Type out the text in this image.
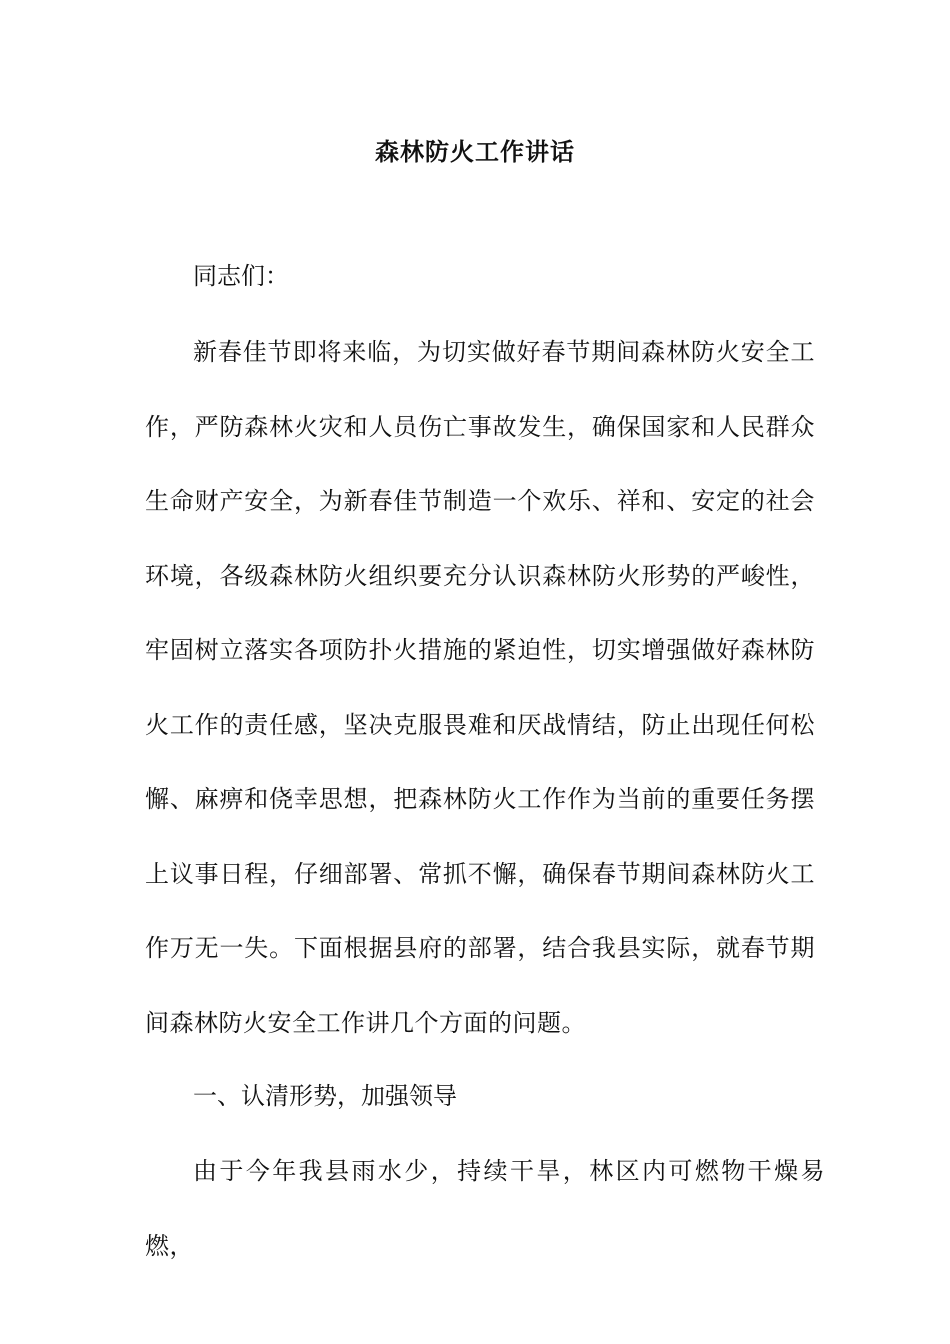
森林防火工作讲话
同志们：

新春佳节即将来临，为切实做好春节期间森林防火安全工作，严防森林火灾和人员伤亡事故发生，确保国家和人民群众生命财产安全，为新春佳节制造一个欢乐、祥和、安定的社会环境，各级森林防火组织要充分认识森林防火形势的严峻性，牢固树立落实各项防扑火措施的紧迫性，切实增强做好森林防火工作的责任感，坚决克服畏难和厌战情结，防止出现任何松懈、麻痹和侥幸思想，把森林防火工作作为当前的重要任务摆上议事日程，仔细部署、常抓不懈，确保春节期间森林防火工作万无一失。下面根据县府的部署，结合我县实际，就春节期间森林防火安全工作讲几个方面的问题。

一、认清形势，加强领导

由于今年我县雨水少，持续干旱，林区内可燃物干燥易燃，
